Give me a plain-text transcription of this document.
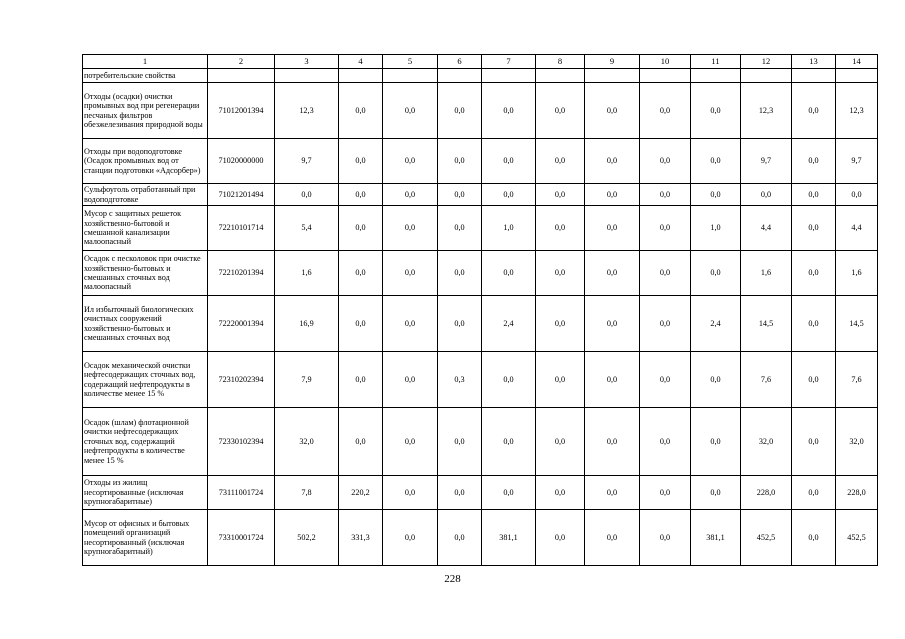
1	2	3	4	5	6	7	8	9	10	11	12	13	14
потребительские свойства													
Отходы (осадки) очистки промывных вод при регенерации песчаных фильтров обезжелезивания природной воды	71012001394	12,3	0,0	0,0	0,0	0,0	0,0	0,0	0,0	0,0	12,3	0,0	12,3
Отходы при водоподготовке (Осадок промывных вод от станции подготовки «Адсорбер»)	71020000000	9,7	0,0	0,0	0,0	0,0	0,0	0,0	0,0	0,0	9,7	0,0	9,7
Сульфоуголь отработанный при водоподготовке	71021201494	0,0	0,0	0,0	0,0	0,0	0,0	0,0	0,0	0,0	0,0	0,0	0,0
Мусор с защитных решеток хозяйственно-бытовой и смешанной канализации малоопасный	72210101714	5,4	0,0	0,0	0,0	1,0	0,0	0,0	0,0	1,0	4,4	0,0	4,4
Осадок с песколовок при очистке хозяйственно-бытовых и смешанных сточных вод малоопасный	72210201394	1,6	0,0	0,0	0,0	0,0	0,0	0,0	0,0	0,0	1,6	0,0	1,6
Ил избыточный биологических очистных сооружений хозяйственно-бытовых и смешанных сточных вод	72220001394	16,9	0,0	0,0	0,0	2,4	0,0	0,0	0,0	2,4	14,5	0,0	14,5
Осадок механической очистки нефтесодержащих сточных вод, содержащий нефтепродукты в количестве менее 15 %	72310202394	7,9	0,0	0,0	0,3	0,0	0,0	0,0	0,0	0,0	7,6	0,0	7,6
Осадок (шлам) флотационной очистки нефтесодержащих сточных вод, содержащий нефтепродукты в количестве менее 15 %	72330102394	32,0	0,0	0,0	0,0	0,0	0,0	0,0	0,0	0,0	32,0	0,0	32,0
Отходы из жилищ несортированные (исключая крупногабаритные)	73111001724	7,8	220,2	0,0	0,0	0,0	0,0	0,0	0,0	0,0	228,0	0,0	228,0
Мусор от офисных и бытовых помещений организаций несортированный (исключая крупногабаритный)	73310001724	502,2	331,3	0,0	0,0	381,1	0,0	0,0	0,0	381,1	452,5	0,0	452,5
228
